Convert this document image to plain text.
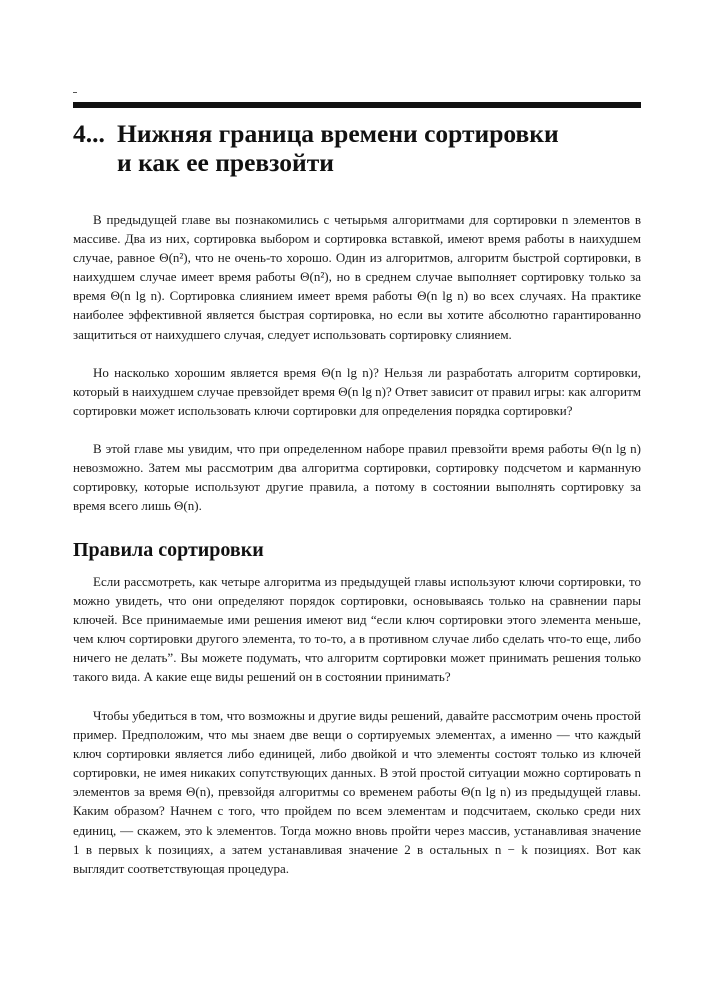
4... Нижняя граница времени сортировки
и как ее превзойти
В предыдущей главе вы познакомились с четырьмя алгоритмами для сортировки n элементов в массиве. Два из них, сортировка выбором и сортировка вставкой, имеют время работы в наихудшем случае, равное Θ(n²), что не очень-то хорошо. Один из алгоритмов, алгоритм быстрой сортировки, в наихудшем случае имеет время работы Θ(n²), но в среднем случае выполняет сортировку только за время Θ(n lg n). Сортировка слиянием имеет время работы Θ(n lg n) во всех случаях. На практике наиболее эффективной является быстрая сортировка, но если вы хотите абсолютно гарантированно защититься от наихудшего случая, следует использовать сортировку слиянием.
Но насколько хорошим является время Θ(n lg n)? Нельзя ли разработать алгоритм сортировки, который в наихудшем случае превзойдет время Θ(n lg n)? Ответ зависит от правил игры: как алгоритм сортировки может использовать ключи сортировки для определения порядка сортировки?
В этой главе мы увидим, что при определенном наборе правил превзойти время работы Θ(n lg n) невозможно. Затем мы рассмотрим два алгоритма сортировки, сортировку подсчетом и карманную сортировку, которые используют другие правила, а потому в состоянии выполнять сортировку за время всего лишь Θ(n).
Правила сортировки
Если рассмотреть, как четыре алгоритма из предыдущей главы используют ключи сортировки, то можно увидеть, что они определяют порядок сортировки, основываясь только на сравнении пары ключей. Все принимаемые ими решения имеют вид “если ключ сортировки этого элемента меньше, чем ключ сортировки другого элемента, то то-то, а в противном случае либо сделать что-то еще, либо ничего не делать”. Вы можете подумать, что алгоритм сортировки может принимать решения только такого вида. А какие еще виды решений он в состоянии принимать?
Чтобы убедиться в том, что возможны и другие виды решений, давайте рассмотрим очень простой пример. Предположим, что мы знаем две вещи о сортируемых элементах, а именно — что каждый ключ сортировки является либо единицей, либо двойкой и что элементы состоят только из ключей сортировки, не имея никаких сопутствующих данных. В этой простой ситуации можно сортировать n элементов за время Θ(n), превзойдя алгоритмы со временем работы Θ(n lg n) из предыдущей главы. Каким образом? Начнем с того, что пройдем по всем элементам и подсчитаем, сколько среди них единиц, — скажем, это k элементов. Тогда можно вновь пройти через массив, устанавливая значение 1 в первых k позициях, а затем устанавливая значение 2 в остальных n − k позициях. Вот как выглядит соответствующая процедура.
